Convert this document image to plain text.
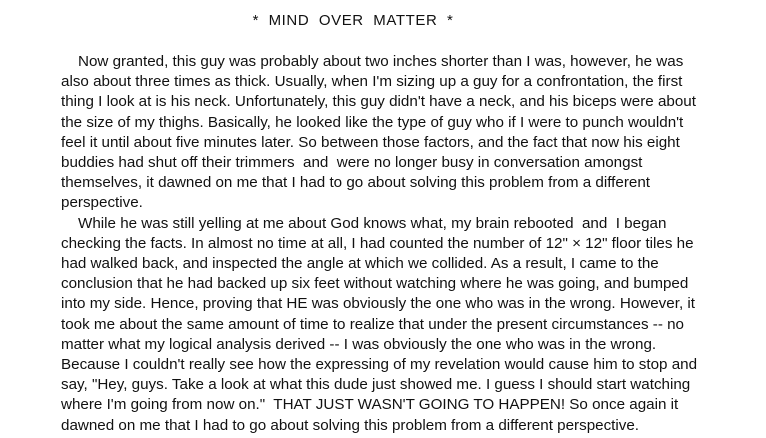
*  MIND  OVER  MATTER  *
Now granted, this guy was probably about two inches shorter than I was, however, he was
also about three times as thick. Usually, when I'm sizing up a guy for a confrontation, the first
thing I look at is his neck. Unfortunately, this guy didn't have a neck, and his biceps were about
the size of my thighs. Basically, he looked like the type of guy who if I were to punch wouldn't
feel it until about five minutes later. So between those factors, and the fact that now his eight
buddies had shut off their trimmers  and  were no longer busy in conversation amongst
themselves, it dawned on me that I had to go about solving this problem from a different
perspective.
While he was still yelling at me about God knows what, my brain rebooted  and  I began
checking the facts. In almost no time at all, I had counted the number of 12" × 12" floor tiles he
had walked back, and inspected the angle at which we collided. As a result, I came to the
conclusion that he had backed up six feet without watching where he was going, and bumped
into my side. Hence, proving that HE was obviously the one who was in the wrong. However, it
took me about the same amount of time to realize that under the present circumstances -- no
matter what my logical analysis derived -- I was obviously the one who was in the wrong.
Because I couldn't really see how the expressing of my revelation would cause him to stop and
say, "Hey, guys. Take a look at what this dude just showed me. I guess I should start watching
where I'm going from now on."  THAT JUST WASN'T GOING TO HAPPEN! So once again it
dawned on me that I had to go about solving this problem from a different perspective.
